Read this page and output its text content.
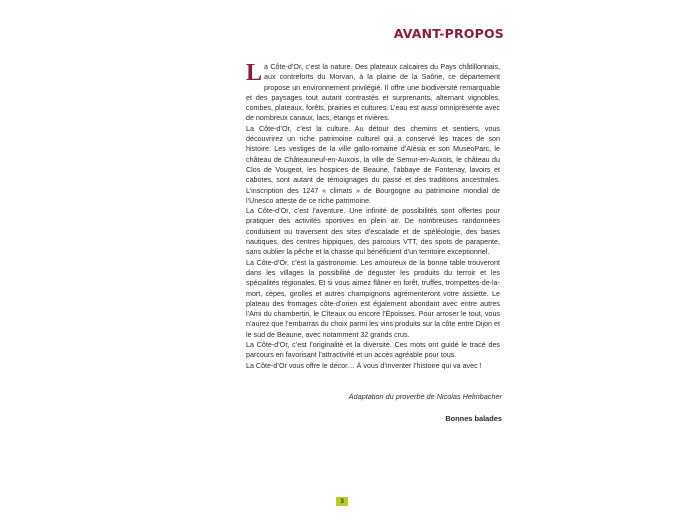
AVANT-PROPOS

La Côte-d’Or, c’est la nature. Des plateaux calcaires du Pays châtillonnais, aux contreforts du Morvan, à la plaine de la Saône, ce département propose un environnement privilégié. Il offre une biodiversité remarquable et des paysages tout autant contrastés et surprenants, alternant vignobles, combes, plateaux, forêts, prairies et cultures. L’eau est aussi omniprésente avec de nombreux canaux, lacs, étangs et rivières.

La Côte-d’Or, c’est la culture. Au détour des chemins et sentiers, vous découvrirez un riche patrimoine culturel qui a conservé les traces de son histoire. Les vestiges de la ville gallo-romaine d’Alésia et son MuseoParc, le château de Châteauneuf-en-Auxois, la ville de Semur-en-Auxois, le château du Clos de Vougeot, les hospices de Beaune, l’abbaye de Fontenay, lavoirs et cabotes, sont autant de témoignages du passé et des traditions ancestrales. L’inscription des 1247 « climats » de Bourgogne au patrimoine mondial de l’Unesco atteste de ce riche patrimoine.

La Côte-d’Or, c’est l’aventure. Une infinité de possibilités sont offertes pour pratiquer des activités sportives en plein air. De nombreuses randonnées conduisent ou traversent des sites d’escalade et de spéléologie, des bases nautiques, des centres hippiques, des parcours VTT, des spots de parapente, sans oublier la pêche et la chasse qui bénéficient d’un territoire exceptionnel.

La Côte-d’Or, c’est la gastronomie. Les amoureux de la bonne table trouveront dans les villages la possibilité de déguster les produits du terroir et les spécialités régionales. Et si vous aimez flâner en forêt, truffes, trompettes-de-la-mort, cèpes, girolles et autres champignons agrémenteront votre assiette. Le plateau des fromages côte-d’orien est également abondant avec entre autres l’Ami du chambertin, le Cîteaux ou encore l’Époisses. Pour arroser le tout, vous n’aurez que l’embarras du choix parmi les vins produits sur la côte entre Dijon et le sud de Beaune, avec notamment 32 grands crus.

La Côte-d’Or, c’est l’originalité et la diversité. Ces mots ont guidé le tracé des parcours en favorisant l’attractivité et un accès agréable pour tous.

La Côte-d’Or vous offre le décor… À vous d’inventer l’histoire qui va avec !

Adaptation du proverbe de Nicolas Helmbacher

Bonnes balades

3
